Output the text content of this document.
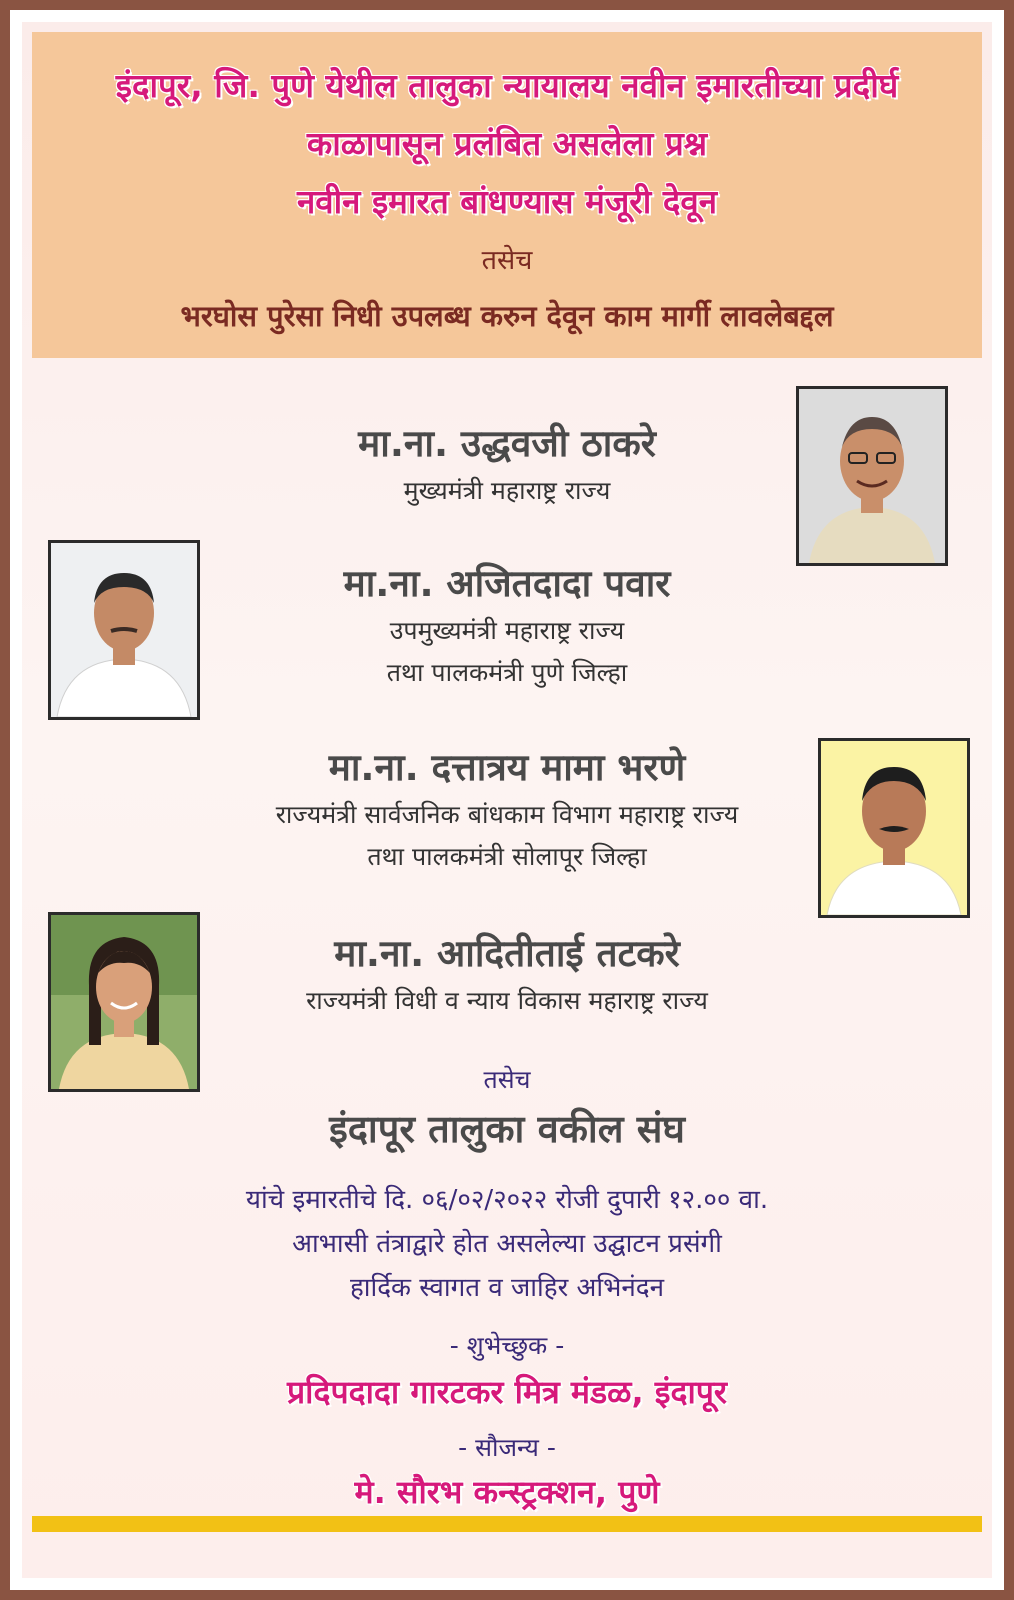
इंदापूर, जि. पुणे येथील तालुका न्यायालय नवीन इमारतीच्या प्रदीर्घ
काळापासून प्रलंबित असलेला प्रश्न
नवीन इमारत बांधण्यास मंजूरी देवून
तसेच
भरघोस पुरेसा निधी उपलब्ध करुन देवून काम मार्गी लावलेबद्दल
मा.ना. उद्धवजी ठाकरे
मुख्यमंत्री महाराष्ट्र राज्य
मा.ना. अजितदादा पवार
उपमुख्यमंत्री महाराष्ट्र राज्य
तथा पालकमंत्री पुणे जिल्हा
मा.ना. दत्तात्रय मामा भरणे
राज्यमंत्री सार्वजनिक बांधकाम विभाग महाराष्ट्र राज्य
तथा पालकमंत्री सोलापूर जिल्हा
मा.ना. आदितीताई तटकरे
राज्यमंत्री विधी व न्याय विकास महाराष्ट्र राज्य
तसेच
इंदापूर तालुका वकील संघ
यांचे इमारतीचे दि. ०६/०२/२०२२ रोजी दुपारी १२.०० वा.
आभासी तंत्राद्वारे होत असलेल्या उद्घाटन प्रसंगी
हार्दिक स्वागत व जाहिर अभिनंदन
- शुभेच्छुक -
प्रदिपदादा गारटकर मित्र मंडळ, इंदापूर
- सौजन्य -
मे. सौरभ कन्स्ट्रक्शन, पुणे
